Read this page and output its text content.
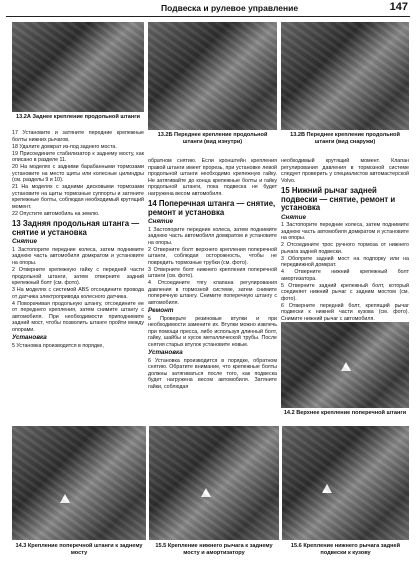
Подвеска и рулевое управление	147
13.2А Заднее крепление продольной штанги
13.2Б Переднее крепление продольной штанги (вид изнутри)
13.2В Переднее крепление продольной штанги (вид снаружи)

17 Установите и затяните передние крепежные болты нижних рычагов.

18 Удалите домкрат из-под заднего моста.

19 Присоедините стабилизатор к заднему мосту, как описано в разделе 11.

20 На моделях с задними барабанными тормозами установите на место щиты или колесные цилиндры (см. разделы 9 и 10).

21 На моделях с задними дисковыми тормозами установите на щиты тормозные суппорты и затяните крепежные болты, соблюдая необходимый крутящий момент.

22 Опустите автомобиль на землю.

13 Задняя продольная штанга — снятие и установка
Снятие

1 Застопорите передние колеса, затем поднимите заднюю часть автомобиля домкратом и установите на опоры.

2 Отверните крепежную гайку с передней части продольной штанги, затем отверните задний крепежный болт (см. фото).

3 На моделях с системой ABS отсоедините провода от датчика электропривода колесного датчика.

4 Поворачивая продольную штангу, отсоедините ее от переднего крепления, затем снимите штангу с автомобиля. При необходимости приподнимите задний мост, чтобы позволить штанге пройти между опорами.

Установка

5 Установка производится в порядке,

обратном снятию. Если кронштейн крепления правой штанги имеет прорезь, при установке левой продольной штанги необходимо крепежную гайку. Не затягивайте до конца крепежные болты и гайку продольной штанги, пока подвеска не будет нагружена весом автомобиля.

14 Поперечная штанга — снятие, ремонт и установка
Снятие

1 Застопорите передние колеса, затем поднимите заднюю часть автомобиля домкратом и установите на опоры.

2 Отверните болт верхнего крепления поперечной штанги, соблюдая осторожность, чтобы не повредить тормозные трубки (см. фото).

3 Отверните болт нижнего крепления поперечной штанги (см. фото).

4 Отсоедините тягу клапана регулирования давления в тормозной системе, затем снимите поперечную штангу. Снимите поперечную штангу с автомобиля.

Ремонт

5 Проверьте резиновые втулки и при необходимости замените их. Втулки можно извлечь при помощи пресса, либо используя длинный болт, гайку, шайбы и кусок металлической трубы. После снятия старых втулок установите новые.

Установка

6 Установка производится в порядке, обратном снятию. Обратите внимание, что крепежные болты должны затягиваться после того, как подвеска будет нагружена весом автомобиля. Затяните гайки, соблюдая

необходимый крутящий момент. Клапан регулирования давления в тормозной системе следует проверить у специалистов автомастерской Volvo.

15 Нижний рычаг задней подвески — снятие, ремонт и установка
Снятие

1 Застопорите передние колеса, затем поднимите заднюю часть автомобиля домкратом и установите на опоры.

2 Отсоедините трос ручного тормоза от нижнего рычага задней подвески.

3 Обоприте задний мост на подпорку или на передвижной домкрат.

4 Отверните нижний крепежный болт амортизатора.

5 Отверните задний крепежный болт, который соединяет нижний рычаг с задним мостом (см. фото).

6 Отверните передний болт, крепящий рычаг подвески к нижней части кузова (см. фото). Снимите нижний рычаг с автомобиля.

14.2 Верхнее крепление поперечной штанги
14.3 Крепление поперечной штанги к заднему мосту
15.5 Крепление нижнего рычага к заднему мосту и амортизатору
15.6 Крепление нижнего рычага задней подвески к кузову
